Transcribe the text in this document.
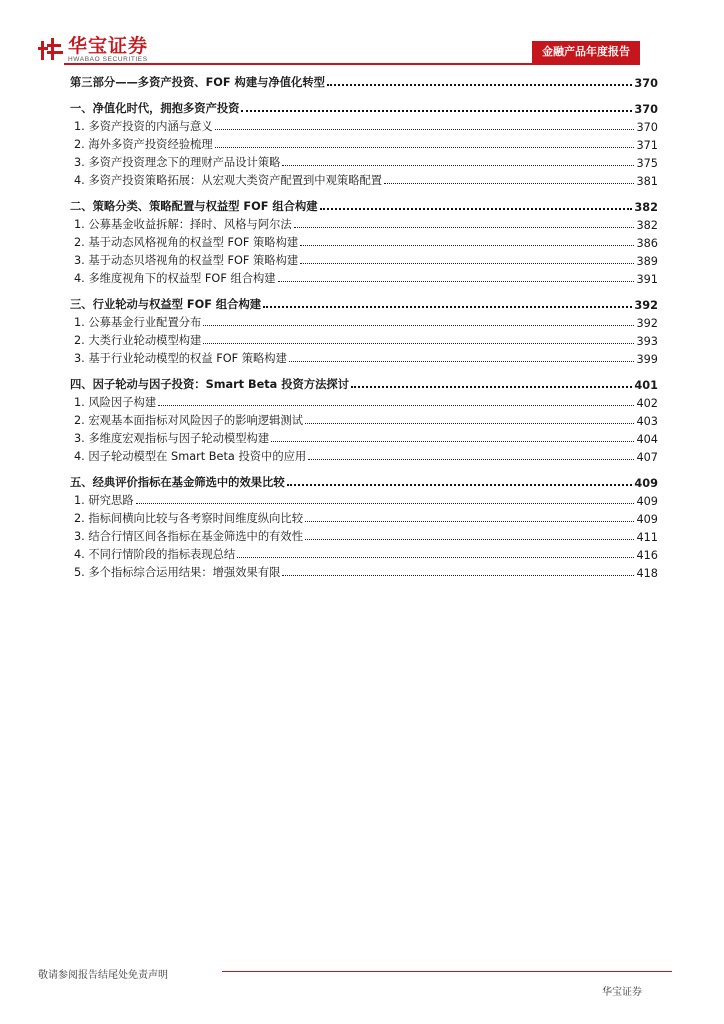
华宝证券
HWABAO SECURITIES
金融产品年度报告
第三部分——多资产投资、FOF 构建与净值化转型	370
一、净值化时代，拥抱多资产投资	370
1. 多资产投资的内涵与意义	370
2. 海外多资产投资经验梳理	371
3. 多资产投资理念下的理财产品设计策略	375
4. 多资产投资策略拓展：从宏观大类资产配置到中观策略配置	381
二、策略分类、策略配置与权益型 FOF 组合构建	382
1. 公募基金收益拆解：择时、风格与阿尔法	382
2. 基于动态风格视角的权益型 FOF 策略构建	386
3. 基于动态贝塔视角的权益型 FOF 策略构建	389
4. 多维度视角下的权益型 FOF 组合构建	391
三、行业轮动与权益型 FOF 组合构建	392
1. 公募基金行业配置分布	392
2. 大类行业轮动模型构建	393
3. 基于行业轮动模型的权益 FOF 策略构建	399
四、因子轮动与因子投资：Smart Beta 投资方法探讨	401
1. 风险因子构建	402
2. 宏观基本面指标对风险因子的影响逻辑测试	403
3. 多维度宏观指标与因子轮动模型构建	404
4. 因子轮动模型在 Smart Beta 投资中的应用	407
五、经典评价指标在基金筛选中的效果比较	409
1. 研究思路	409
2. 指标间横向比较与各考察时间维度纵向比较	409
3. 结合行情区间各指标在基金筛选中的有效性	411
4. 不同行情阶段的指标表现总结	416
5. 多个指标综合运用结果：增强效果有限	418
敬请参阅报告结尾处免责声明
华宝证券
